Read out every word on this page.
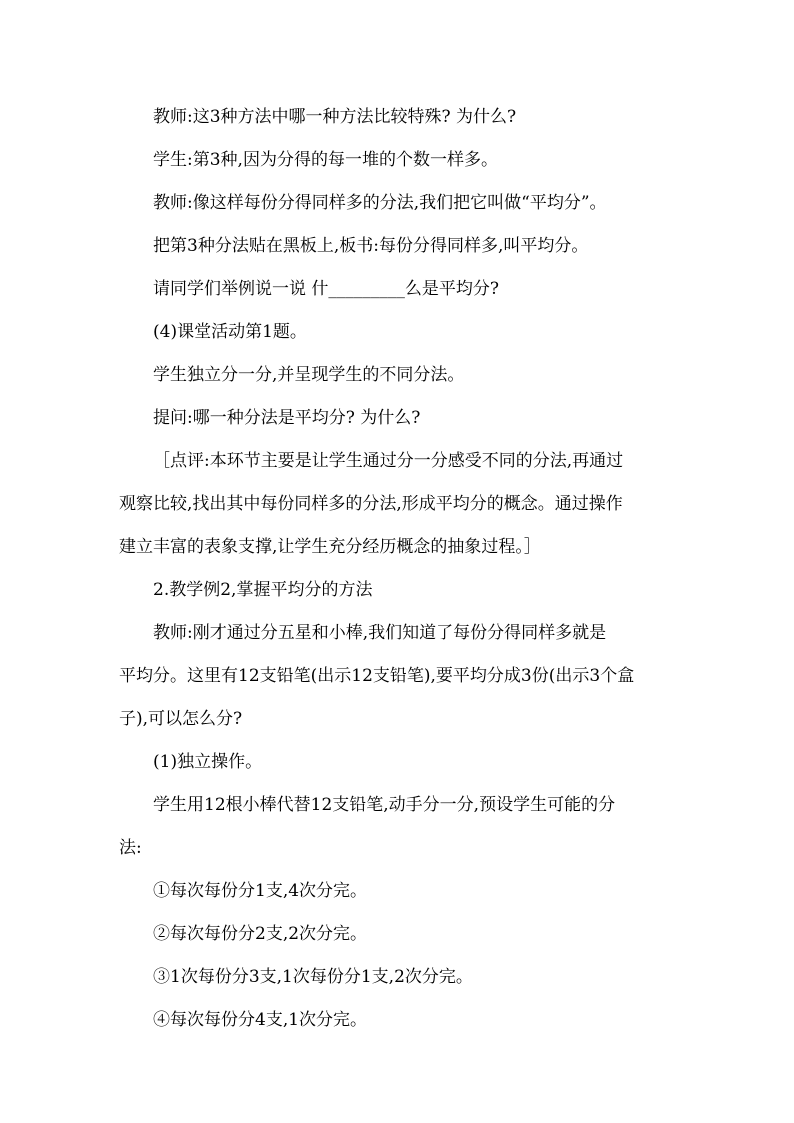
教师:这3种方法中哪一种方法比较特殊? 为什么?

学生:第3种,因为分得的每一堆的个数一样多。

教师:像这样每份分得同样多的分法,我们把它叫做“平均分”。

把第3种分法贴在黑板上,板书:每份分得同样多,叫平均分。

请同学们举例说一说 什_________么是平均分?

(4)课堂活动第1题。

学生独立分一分,并呈现学生的不同分法。

提问:哪一种分法是平均分? 为什么?

［点评:本环节主要是让学生通过分一分感受不同的分法,再通过
观察比较,找出其中每份同样多的分法,形成平均分的概念。通过操作
建立丰富的表象支撑,让学生充分经历概念的抽象过程。］

2.教学例2,掌握平均分的方法

教师:刚才通过分五星和小棒,我们知道了每份分得同样多就是
平均分。这里有12支铅笔(出示12支铅笔),要平均分成3份(出示3个盒
子),可以怎么分?

(1)独立操作。

学生用12根小棒代替12支铅笔,动手分一分,预设学生可能的分
法:

①每次每份分1支,4次分完。

②每次每份分2支,2次分完。

③1次每份分3支,1次每份分1支,2次分完。

④每次每份分4支,1次分完。
